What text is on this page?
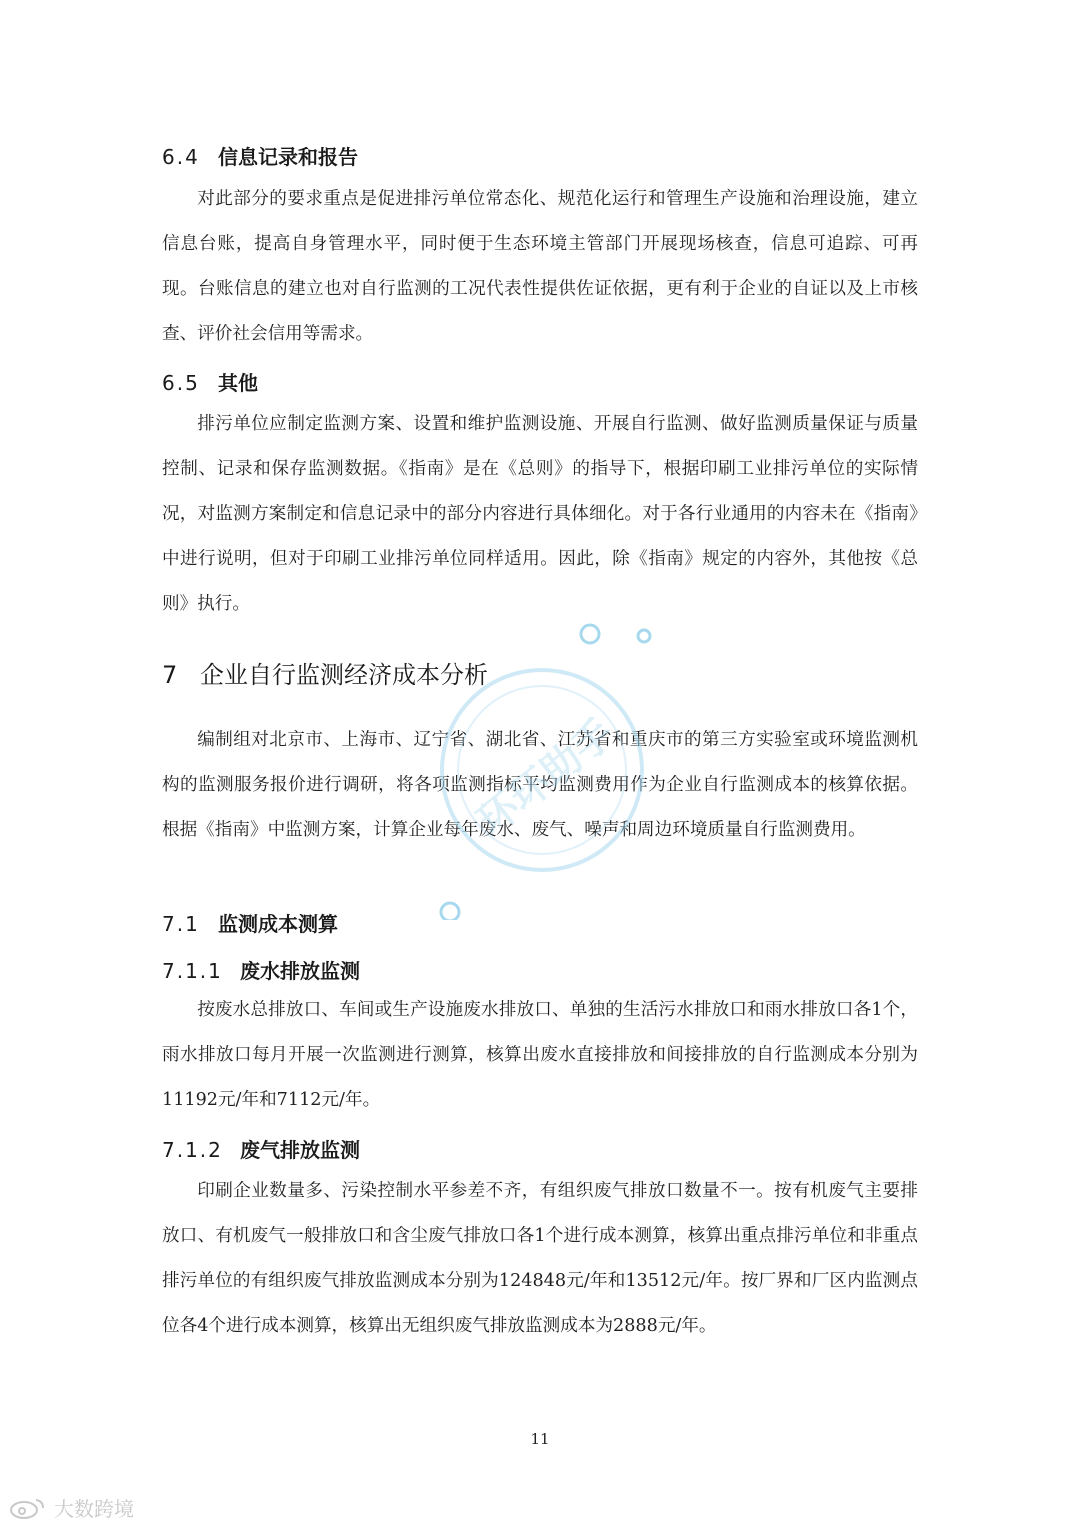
6.4 信息记录和报告

对此部分的要求重点是促进排污单位常态化、规范化运行和管理生产设施和治理设施，建立信息台账，提高自身管理水平，同时便于生态环境主管部门开展现场核查，信息可追踪、可再现。台账信息的建立也对自行监测的工况代表性提供佐证依据，更有利于企业的自证以及上市核查、评价社会信用等需求。

6.5 其他

排污单位应制定监测方案、设置和维护监测设施、开展自行监测、做好监测质量保证与质量控制、记录和保存监测数据。《指南》是在《总则》的指导下，根据印刷工业排污单位的实际情况，对监测方案制定和信息记录中的部分内容进行具体细化。对于各行业通用的内容未在《指南》中进行说明，但对于印刷工业排污单位同样适用。因此，除《指南》规定的内容外，其他按《总则》执行。

7 企业自行监测经济成本分析

编制组对北京市、上海市、辽宁省、湖北省、江苏省和重庆市的第三方实验室或环境监测机构的监测服务报价进行调研，将各项监测指标平均监测费用作为企业自行监测成本的核算依据。根据《指南》中监测方案，计算企业每年废水、废气、噪声和周边环境质量自行监测费用。

7.1 监测成本测算
7.1.1 废水排放监测

按废水总排放口、车间或生产设施废水排放口、单独的生活污水排放口和雨水排放口各1个，雨水排放口每月开展一次监测进行测算，核算出废水直接排放和间接排放的自行监测成本分别为11192元/年和7112元/年。

7.1.2 废气排放监测

印刷企业数量多、污染控制水平参差不齐，有组织废气排放口数量不一。按有机废气主要排放口、有机废气一般排放口和含尘废气排放口各1个进行成本测算，核算出重点排污单位和非重点排污单位的有组织废气排放监测成本分别为124848元/年和13512元/年。按厂界和厂区内监测点位各4个进行成本测算，核算出无组织废气排放监测成本为2888元/年。

11
环环助手
大数跨境
